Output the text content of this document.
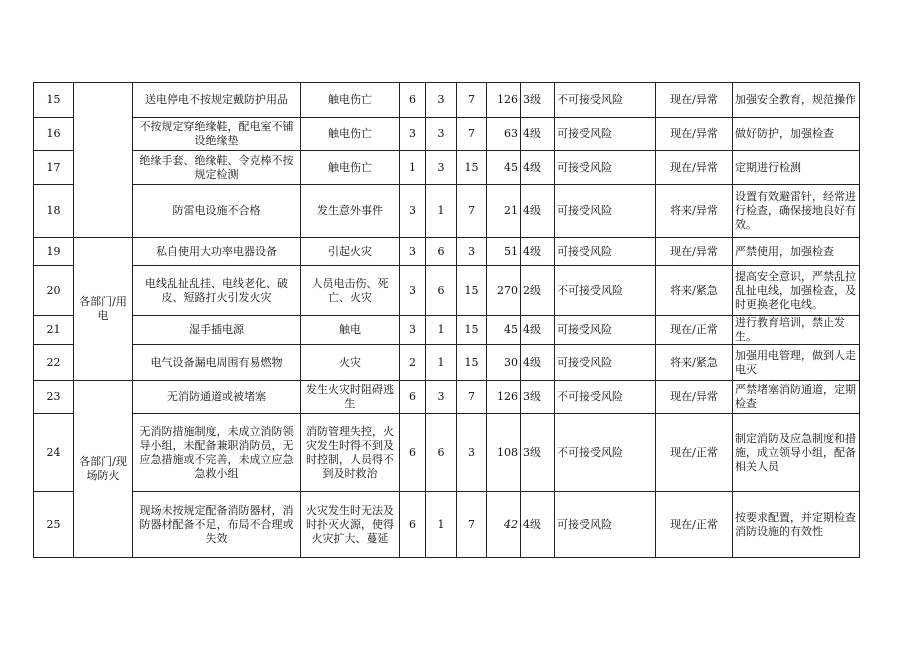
15		送电停电不按规定戴防护用品	触电伤亡	6	3	7	126	3级	不可接受风险	现在/异常	加强安全教育，规范操作
16		不按规定穿绝缘鞋，配电室不铺设绝缘垫	触电伤亡	3	3	7	63	4级	可接受风险	现在/异常	做好防护，加强检查
17		绝缘手套、绝缘鞋、令克棒不按规定检测	触电伤亡	1	3	15	45	4级	可接受风险	现在/异常	定期进行检测
18		防雷电设施不合格	发生意外事件	3	1	7	21	4级	可接受风险	将来/异常	设置有效避雷针，经常进行检查，确保接地良好有效。
19	各部门/用电	私自使用大功率电器设备	引起火灾	3	6	3	51	4级	可接受风险	现在/异常	严禁使用，加强检查
20		电线乱扯乱挂、电线老化、破皮、短路打火引发火灾	人员电击伤、死亡、火灾	3	6	15	270	2级	不可接受风险	将来/紧急	提高安全意识，严禁乱拉乱扯电线，加强检查，及时更换老化电线。
21		湿手插电源	触电	3	1	15	45	4级	可接受风险	现在/正常	进行教育培训，禁止发生。
22		电气设备漏电周围有易燃物	火灾	2	1	15	30	4级	可接受风险	将来/紧急	加强用电管理，做到人走电灭
23	各部门/现场防火	无消防通道或被堵塞	发生火灾时阻碍逃生	6	3	7	126	3级	不可接受风险	现在/异常	严禁堵塞消防通道，定期检查
24		无消防措施制度，未成立消防领导小组，未配备兼职消防员，无应急措施或不完善，未成立应急急救小组	消防管理失控，火灾发生时得不到及时控制，人员得不到及时救治	6	6	3	108	3级	不可接受风险	现在/正常	制定消防及应急制度和措施，成立领导小组，配备相关人员
25		现场未按规定配备消防器材，消防器材配备不足，布局不合理或失效	火灾发生时无法及时扑灭火源，使得火灾扩大、蔓延	6	1	7	42	4级	可接受风险	现在/正常	按要求配置，并定期检查消防设施的有效性
